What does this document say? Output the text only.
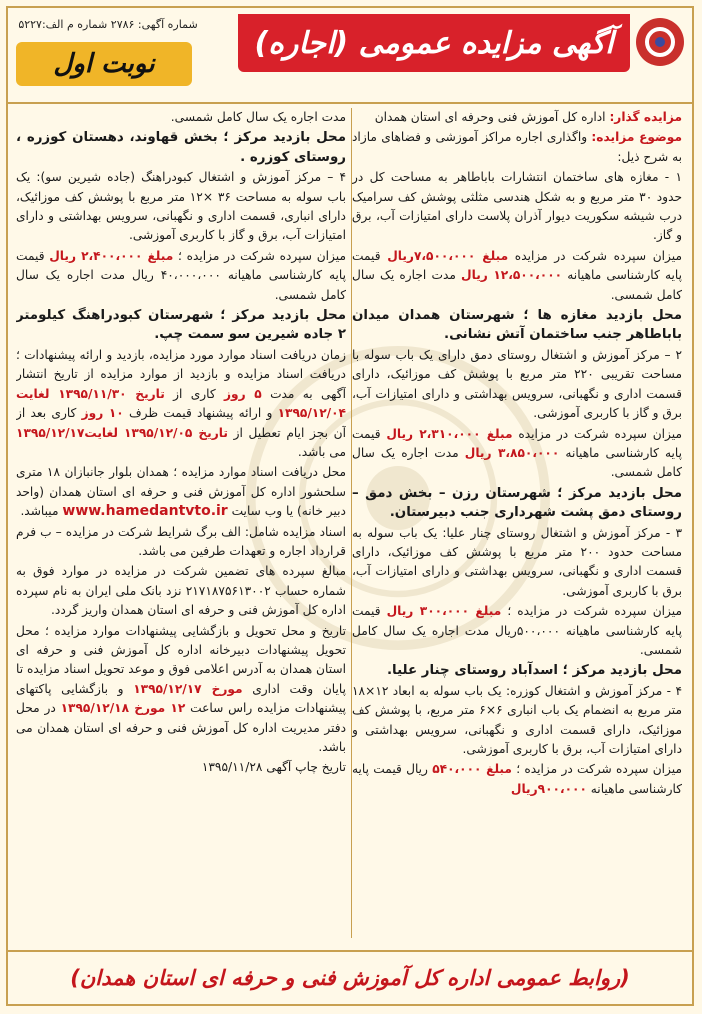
آگهی مزایده عمومی (اجاره)
شماره آگهی: ۲۷۸۶ شماره م الف:۵۲۲۷
نوبت اول

مزایده گذار: اداره کل آموزش فنی وحرفه ای استان همدان

موضوع مزایده: واگذاری اجاره مراکز آموزشی و فضاهای مازاد به شرح ذیل:

۱ - مغازه های ساختمان انتشارات باباطاهر به مساحت کل در حدود ۳۰ متر مربع و به شکل هندسی مثلثی پوشش کف سرامیک درب شیشه سکوریت دیوار آذران پلاست دارای امتیازات آب، برق و گاز.

میزان سپرده شرکت در مزایده مبلغ ۷،۵۰۰،۰۰۰ریال قیمت پایه کارشناسی ماهیانه ۱۲،۵۰۰،۰۰۰ ریال مدت اجاره یک سال کامل شمسی.

محل بازدید مغازه ها ؛ شهرستان همدان میدان باباطاهر جنب ساختمان آتش نشانی.

۲ – مرکز آموزش و اشتغال روستای دمق دارای یک باب سوله با مساحت تقریبی ۲۲۰ متر مربع با پوشش کف موزائیک، دارای قسمت اداری و نگهبانی، سرویس بهداشتی و دارای امتیازات آب، برق و گاز با کاربری آموزشی.

میزان سپرده شرکت در مزایده مبلغ ۲،۳۱۰،۰۰۰ ریال قیمت پایه کارشناسی ماهیانه ۳،۸۵۰،۰۰۰ ریال مدت اجاره یک سال کامل شمسی.

محل بازدید مرکز ؛ شهرستان رزن – بخش دمق – روستای دمق پشت شهرداری جنب دبیرستان.

۳ - مرکز آموزش و اشتغال روستای چنار علیا: یک باب سوله به مساحت حدود ۲۰۰ متر مربع با پوشش کف موزائیک، دارای قسمت اداری و نگهبانی، سرویس بهداشتی و دارای امتیازات آب، برق با کاربری آموزشی.

میزان سپرده شرکت در مزایده ؛ مبلغ ۳۰۰،۰۰۰ ریال قیمت پایه کارشناسی ماهیانه ۵۰۰،۰۰۰ریال مدت اجاره یک سال کامل شمسی.

محل بازدید مرکز ؛ اسدآباد روستای چنار علیا.

۴ - مرکز آموزش و اشتغال کوزره: یک باب سوله به ابعاد ۱۲×۱۸ متر مربع به انضمام یک باب انباری ۶×۶ متر مربع، با پوشش کف موزائیک، دارای قسمت اداری و نگهبانی، سرویس بهداشتی و دارای امتیازات آب، برق با کاربری آموزشی.

میزان سپرده شرکت در مزایده ؛ مبلغ ۵۴۰،۰۰۰ ریال قیمت پایه کارشناسی ماهیانه ۹۰۰،۰۰۰ریال

مدت اجاره یک سال کامل شمسی.

محل بازدید مرکز ؛ بخش قهاوند، دهستان کوزره ، روستای کوزره .

۴ – مرکز آموزش و اشتغال کبودراهنگ (جاده شیرین سو): یک باب سوله به مساحت ۳۶ ×۱۲ متر مربع با پوشش کف موزائیک، دارای انباری، قسمت اداری و نگهبانی، سرویس بهداشتی و دارای امتیازات آب، برق و گاز با کاربری آموزشی.

میزان سپرده شرکت در مزایده ؛ مبلغ ۲،۴۰۰،۰۰۰ ریال قیمت پایه کارشناسی ماهیانه ۴۰،۰۰۰،۰۰۰ ریال مدت اجاره یک سال کامل شمسی.

محل بازدید مرکز ؛ شهرستان کبودراهنگ کیلومتر ۲ جاده شیرین سو سمت چپ.

زمان دریافت اسناد موارد مورد مزایده، بازدید و ارائه پیشنهادات ؛ دریافت اسناد مزایده و بازدید از موارد مزایده از تاریخ انتشار آگهی به مدت ۵ روز کاری از تاریخ ۱۳۹۵/۱۱/۳۰ لغایت ۱۳۹۵/۱۲/۰۴ و ارائه پیشنهاد قیمت ظرف ۱۰ روز کاری بعد از آن بجز ایام تعطیل از تاریخ ۱۳۹۵/۱۲/۰۵ لغایت۱۳۹۵/۱۲/۱۷ می باشد.

محل دریافت اسناد موارد مزایده ؛ همدان بلوار جانبازان ۱۸ متری سلحشور اداره کل آموزش فنی و حرفه ای استان همدان (واحد دبیر خانه) یا وب سایت www.hamedantvto.ir میباشد.

اسناد مزایده شامل: الف برگ شرایط شرکت در مزایده – ب فرم قرارداد اجاره و تعهدات طرفین می باشد.

مبالغ سپرده های تضمین شرکت در مزایده در موارد فوق به شماره حساب ۲۱۷۱۸۷۵۶۱۳۰۰۲ نزد بانک ملی ایران به نام سپرده اداره کل آموزش فنی و حرفه ای استان همدان واریز گردد.

تاریخ و محل تحویل و بازگشایی پیشنهادات موارد مزایده ؛ محل تحویل پیشنهادات دبیرخانه اداره کل آموزش فنی و حرفه ای استان همدان به آدرس اعلامی فوق و موعد تحویل اسناد مزایده تا پایان وقت اداری مورخ ۱۳۹۵/۱۲/۱۷ و بازگشایی پاکتهای پیشنهادات مزایده راس ساعت ۱۲ مورخ ۱۳۹۵/۱۲/۱۸ در محل دفتر مدیریت اداره کل آموزش فنی و حرفه ای استان همدان می باشد.

تاریخ چاپ آگهی ۱۳۹۵/۱۱/۲۸

(روابط عمومی اداره کل آموزش فنی و حرفه ای استان همدان)
